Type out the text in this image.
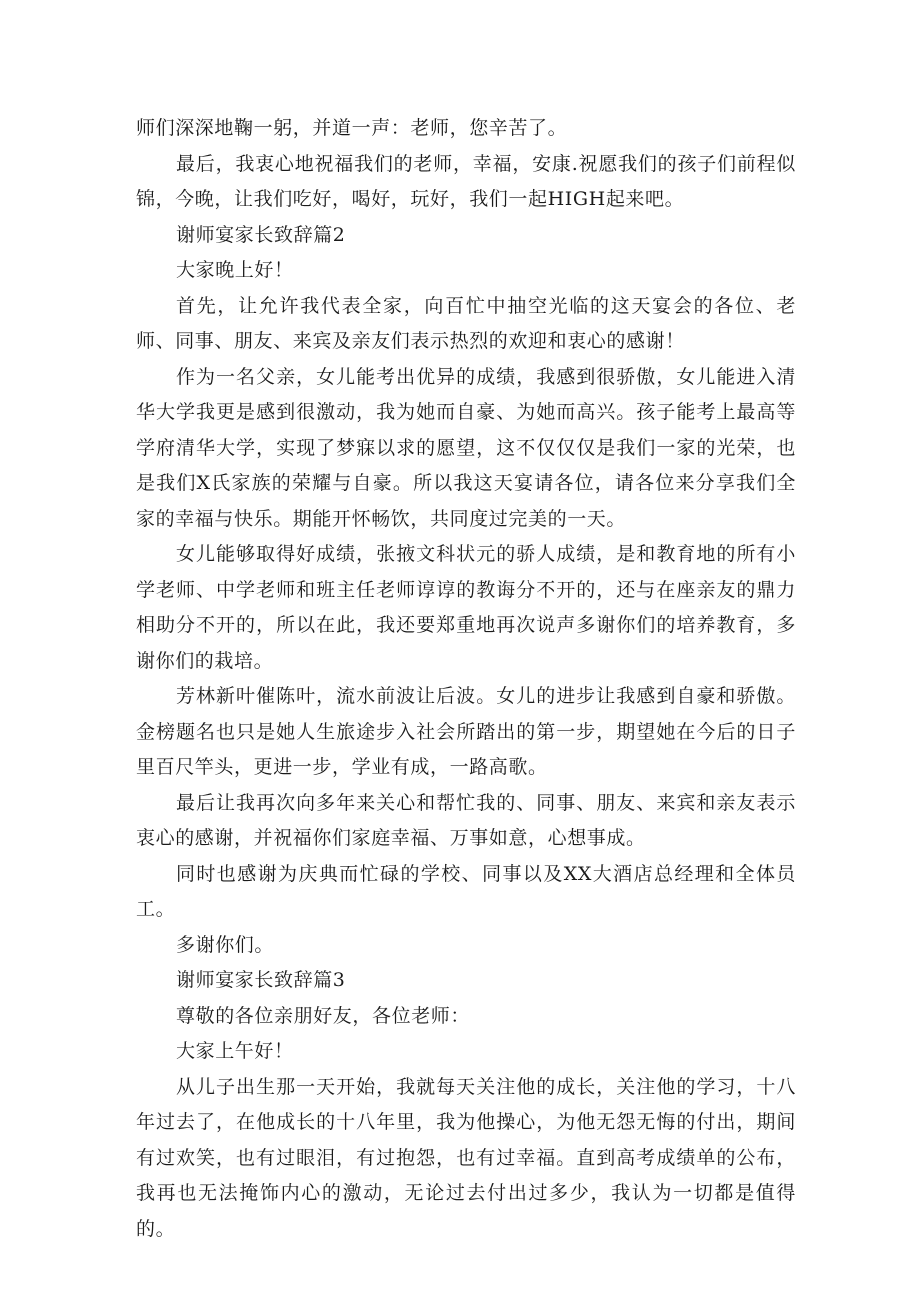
师们深深地鞠一躬，并道一声：老师，您辛苦了。

最后，我衷心地祝福我们的老师，幸福，安康.祝愿我们的孩子们前程似锦，今晚，让我们吃好，喝好，玩好，我们一起HIGH起来吧。

谢师宴家长致辞篇2

大家晚上好！

首先，让允许我代表全家，向百忙中抽空光临的这天宴会的各位、老师、同事、朋友、来宾及亲友们表示热烈的欢迎和衷心的感谢！

作为一名父亲，女儿能考出优异的成绩，我感到很骄傲，女儿能进入清华大学我更是感到很激动，我为她而自豪、为她而高兴。孩子能考上最高等学府清华大学，实现了梦寐以求的愿望，这不仅仅仅是我们一家的光荣，也是我们X氏家族的荣耀与自豪。所以我这天宴请各位，请各位来分享我们全家的幸福与快乐。期能开怀畅饮，共同度过完美的一天。

女儿能够取得好成绩，张掖文科状元的骄人成绩，是和教育地的所有小学老师、中学老师和班主任老师谆谆的教诲分不开的，还与在座亲友的鼎力相助分不开的，所以在此，我还要郑重地再次说声多谢你们的培养教育，多谢你们的栽培。

芳林新叶催陈叶，流水前波让后波。女儿的进步让我感到自豪和骄傲。金榜题名也只是她人生旅途步入社会所踏出的第一步，期望她在今后的日子里百尺竿头，更进一步，学业有成，一路高歌。

最后让我再次向多年来关心和帮忙我的、同事、朋友、来宾和亲友表示衷心的感谢，并祝福你们家庭幸福、万事如意，心想事成。

同时也感谢为庆典而忙碌的学校、同事以及XX大酒店总经理和全体员工。

多谢你们。

谢师宴家长致辞篇3

尊敬的各位亲朋好友，各位老师：

大家上午好！

从儿子出生那一天开始，我就每天关注他的成长，关注他的学习，十八年过去了，在他成长的十八年里，我为他操心，为他无怨无悔的付出，期间有过欢笑，也有过眼泪，有过抱怨，也有过幸福。直到高考成绩单的公布，我再也无法掩饰内心的激动，无论过去付出过多少，我认为一切都是值得的。
